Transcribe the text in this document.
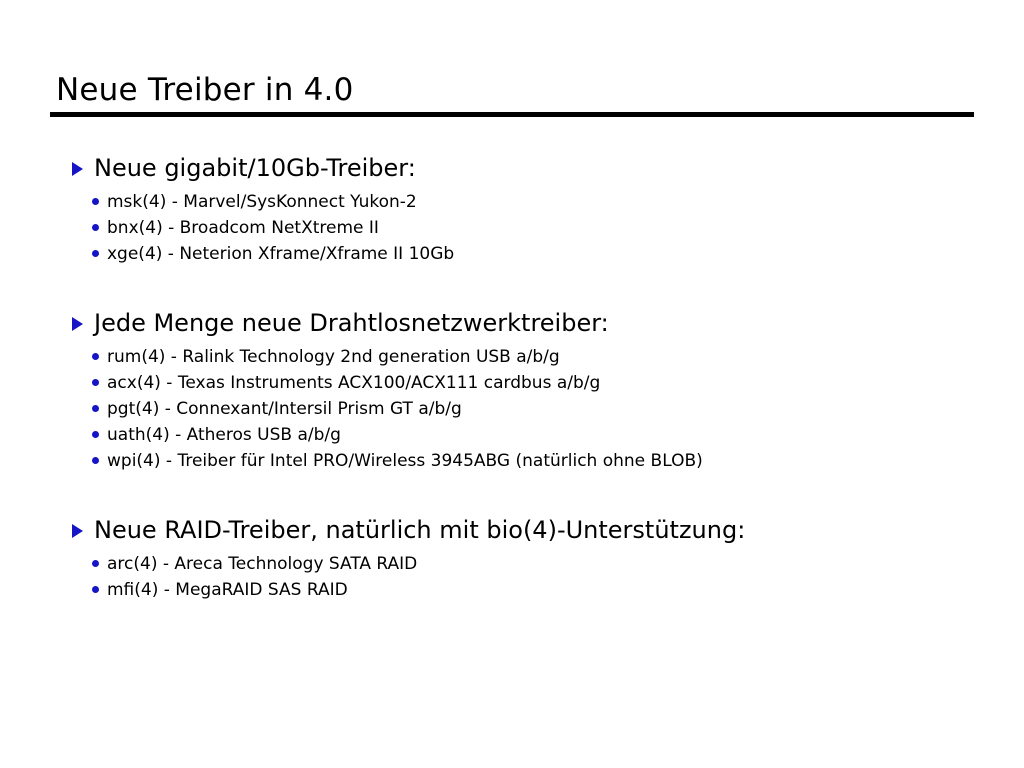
Neue Treiber in 4.0
Neue gigabit/10Gb-Treiber:
msk(4) - Marvel/SysKonnect Yukon-2
bnx(4) - Broadcom NetXtreme II
xge(4) - Neterion Xframe/Xframe II 10Gb
Jede Menge neue Drahtlosnetzwerktreiber:
rum(4) - Ralink Technology 2nd generation USB a/b/g
acx(4) - Texas Instruments ACX100/ACX111 cardbus a/b/g
pgt(4) - Connexant/Intersil Prism GT a/b/g
uath(4) - Atheros USB a/b/g
wpi(4) - Treiber für Intel PRO/Wireless 3945ABG (natürlich ohne BLOB)
Neue RAID-Treiber, natürlich mit bio(4)-Unterstützung:
arc(4) - Areca Technology SATA RAID
mfi(4) - MegaRAID SAS RAID
